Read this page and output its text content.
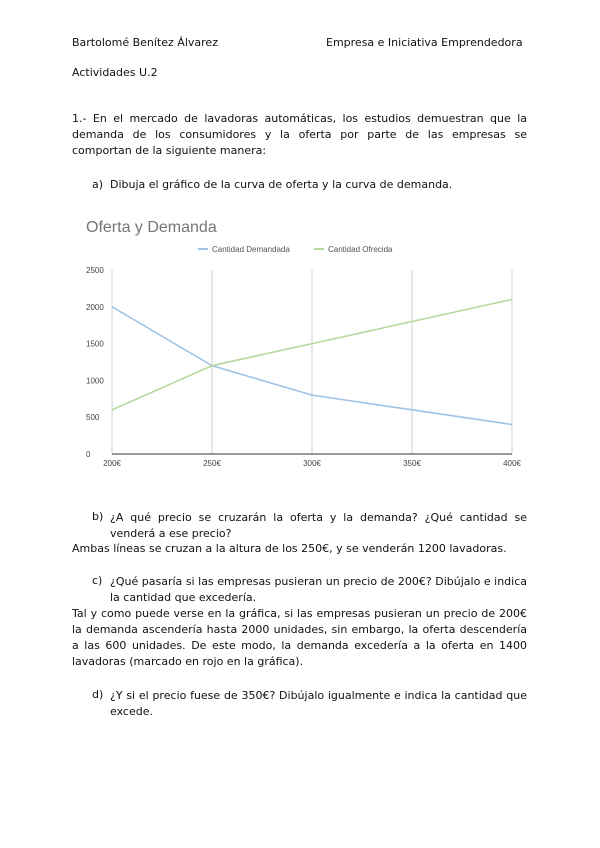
Bartolomé Benítez Álvarez	Empresa e Iniciativa Emprendedora
Actividades U.2
1.- En el mercado de lavadoras automáticas, los estudios demuestran que la demanda de los consumidores y la oferta por parte de las empresas se comportan de la siguiente manera:
a) Dibuja el gráfico de la curva de oferta y la curva de demanda.
Oferta y Demanda
Cantidad Demandada	Cantidad Ofrecida
0
500
1000
1500
2000
2500
200€	250€	300€	350€	400€
b) ¿A qué precio se cruzarán la oferta y la demanda? ¿Qué cantidad se venderá a ese precio?
Ambas líneas se cruzan a la altura de los 250€, y se venderán 1200 lavadoras.
c) ¿Qué pasaría si las empresas pusieran un precio de 200€? Dibújalo e indica la cantidad que excedería.
Tal y como puede verse en la gráfica, si las empresas pusieran un precio de 200€ la demanda ascendería hasta 2000 unidades, sin embargo, la oferta descendería a las 600 unidades. De este modo, la demanda excedería a la oferta en 1400 lavadoras (marcado en rojo en la gráfica).
d) ¿Y si el precio fuese de 350€? Dibújalo igualmente e indica la cantidad que excede.
